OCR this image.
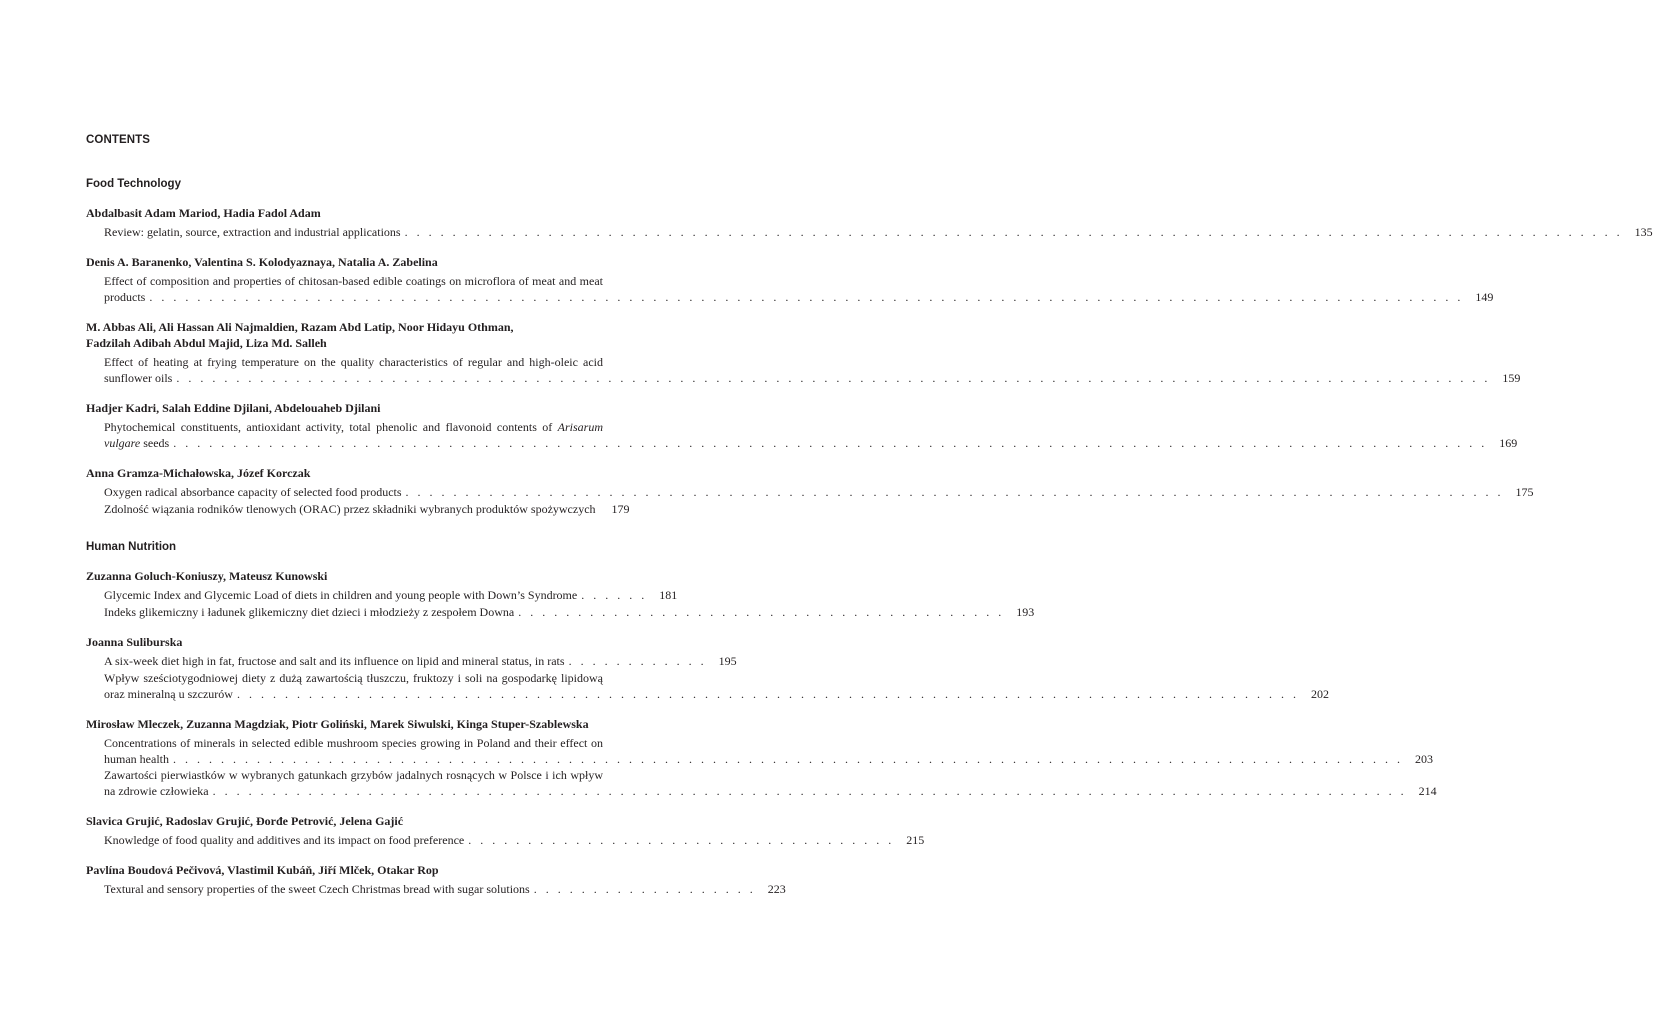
CONTENTS
Food Technology
Abdalbasit Adam Mariod, Hadia Fadol Adam
Review: gelatin, source, extraction and industrial applications . . . . . . . . . . . . . . . . . . . . . . . . . . . . . . . . . . . . . . . . . . . . . . . . . . . . . . . . . . . . . . . . . . . . . . . . . . . . . . . . . . . . . . . . . . . . . . . . . . . . . .	135
Denis A. Baranenko, Valentina S. Kolodyaznaya, Natalia A. Zabelina
Effect of composition and properties of chitosan-based edible coatings on microflora of meat and meat
products . . . . . . . . . . . . . . . . . . . . . . . . . . . . . . . . . . . . . . . . . . . . . . . . . . . . . . . . . . . . . . . . . . . . . . . . . . . . . . . . . . . . . . . . . . . . . . . . . . . . . . . . . . . . . .	149
M. Abbas Ali, Ali Hassan Ali Najmaldien, Razam Abd Latip, Noor Hidayu Othman,
Fadzilah Adibah Abdul Majid, Liza Md. Salleh
Effect of heating at frying temperature on the quality characteristics of regular and high-oleic acid
sunflower oils . . . . . . . . . . . . . . . . . . . . . . . . . . . . . . . . . . . . . . . . . . . . . . . . . . . . . . . . . . . . . . . . . . . . . . . . . . . . . . . . . . . . . . . . . . . . . . . . . . . . . . . . . . . . . .	159
Hadjer Kadri, Salah Eddine Djilani, Abdelouaheb Djilani
Phytochemical constituents, antioxidant activity, total phenolic and flavonoid contents of Arisarum
vulgare seeds . . . . . . . . . . . . . . . . . . . . . . . . . . . . . . . . . . . . . . . . . . . . . . . . . . . . . . . . . . . . . . . . . . . . . . . . . . . . . . . . . . . . . . . . . . . . . . . . . . . . . . . . . . . . . .	169
Anna Gramza-Michałowska, Józef Korczak
Oxygen radical absorbance capacity of selected food products . . . . . . . . . . . . . . . . . . . . . . . . . . . . . . . . . . . . . . . . . . . . . . . . . . . . . . . . . . . . . . . . . . . . . . . . . . . . . . . . . . . . . . . . . . . .	175
Zdolność wiązania rodników tlenowych (ORAC) przez składniki wybranych produktów spożywczych	179
Human Nutrition
Zuzanna Goluch-Koniuszy, Mateusz Kunowski
Glycemic Index and Glycemic Load of diets in children and young people with Down’s Syndrome . . . . . .	181
Indeks glikemiczny i ładunek glikemiczny diet dzieci i młodzieży z zespołem Downa . . . . . . . . . . . . . . . . . . . . . . . . . . . . . . . . . . . . . . . . .	193
Joanna Suliburska
A six-week diet high in fat, fructose and salt and its influence on lipid and mineral status, in rats . . . . . . . . . . . .	195
Wpływ sześciotygodniowej diety z dużą zawartością tłuszczu, fruktozy i soli na gospodarkę lipidową
oraz mineralną u szczurów . . . . . . . . . . . . . . . . . . . . . . . . . . . . . . . . . . . . . . . . . . . . . . . . . . . . . . . . . . . . . . . . . . . . . . . . . . . . . . . . . . . . . . . . .	202
Mirosław Mleczek, Zuzanna Magdziak, Piotr Goliński, Marek Siwulski, Kinga Stuper-Szablewska
Concentrations of minerals in selected edible mushroom species growing in Poland and their effect on
human health . . . . . . . . . . . . . . . . . . . . . . . . . . . . . . . . . . . . . . . . . . . . . . . . . . . . . . . . . . . . . . . . . . . . . . . . . . . . . . . . . . . . . . . . . . . . . . . . . . . . . . .	203
Zawartości pierwiastków w wybranych gatunkach grzybów jadalnych rosnących w Polsce i ich wpływ
na zdrowie człowieka . . . . . . . . . . . . . . . . . . . . . . . . . . . . . . . . . . . . . . . . . . . . . . . . . . . . . . . . . . . . . . . . . . . . . . . . . . . . . . . . . . . . . . . . . . . . . . . . . . . .	214
Slavica Grujić, Radoslav Grujić, Đorđe Petrović, Jelena Gajić
Knowledge of food quality and additives and its impact on food preference . . . . . . . . . . . . . . . . . . . . . . . . . . . . . . . . . . . .	215
Pavlína Boudová Pečivová, Vlastimil Kubáň, Jiří Mlček, Otakar Rop
Textural and sensory properties of the sweet Czech Christmas bread with sugar solutions . . . . . . . . . . . . . . . . . . .	223
